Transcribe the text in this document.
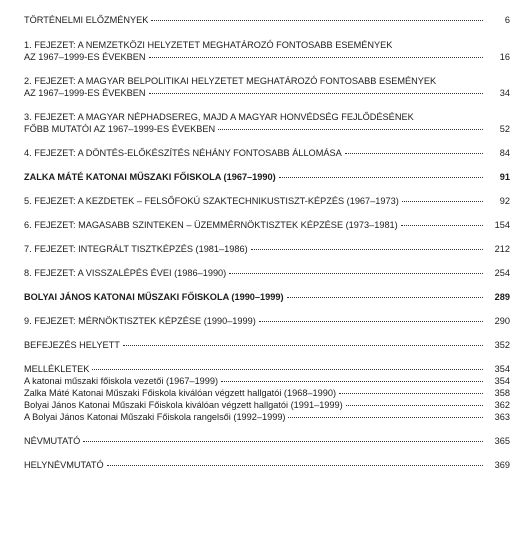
TÖRTÉNELMI ELŐZMÉNYEK	6
1. FEJEZET: A NEMZETKÖZI HELYZETET MEGHATÁROZÓ FONTOSABB ESEMÉNYEK
AZ 1967–1999-ES ÉVEKBEN	16
2. FEJEZET: A MAGYAR BELPOLITIKAI HELYZETET MEGHATÁROZÓ FONTOSABB ESEMÉNYEK
AZ 1967–1999-ES ÉVEKBEN	34
3. FEJEZET: A MAGYAR NÉPHADSEREG, MAJD A MAGYAR HONVÉDSÉG FEJLŐDÉSÉNEK
FŐBB MUTATÓI AZ 1967–1999-ES ÉVEKBEN	52
4. FEJEZET: A DÖNTÉS-ELŐKÉSZÍTÉS NÉHÁNY FONTOSABB ÁLLOMÁSA	84
ZALKA MÁTÉ KATONAI MŰSZAKI FŐISKOLA (1967–1990)	91
5. FEJEZET: A KEZDETEK – FELSŐFOKÚ SZAKTECHNIKUSTISZT-KÉPZÉS (1967–1973)	92
6. FEJEZET: MAGASABB SZINTEKEN – ÜZEMMÉRNÖKTISZTEK KÉPZÉSE (1973–1981)	154
7. FEJEZET: INTEGRÁLT TISZTKÉPZÉS (1981–1986)	212
8. FEJEZET: A VISSZALÉPÉS ÉVEI (1986–1990)	254
BOLYAI JÁNOS KATONAI MŰSZAKI FŐISKOLA (1990–1999)	289
9. FEJEZET: MÉRNÖKTISZTEK KÉPZÉSE (1990–1999)	290
BEFEJEZÉS HELYETT	352
MELLÉKLETEK	354
A katonai műszaki főiskola vezetői (1967–1999)	354
Zalka Máté Katonai Műszaki Főiskola kiválóan végzett hallgatói (1968–1990)	358
Bolyai János Katonai Műszaki Főiskola kiválóan végzett hallgatói (1991–1999)	362
A Bolyai János Katonai Műszaki Főiskola rangelsői (1992–1999)	363
NÉVMUTATÓ	365
HELYNÉVMUTATÓ	369
